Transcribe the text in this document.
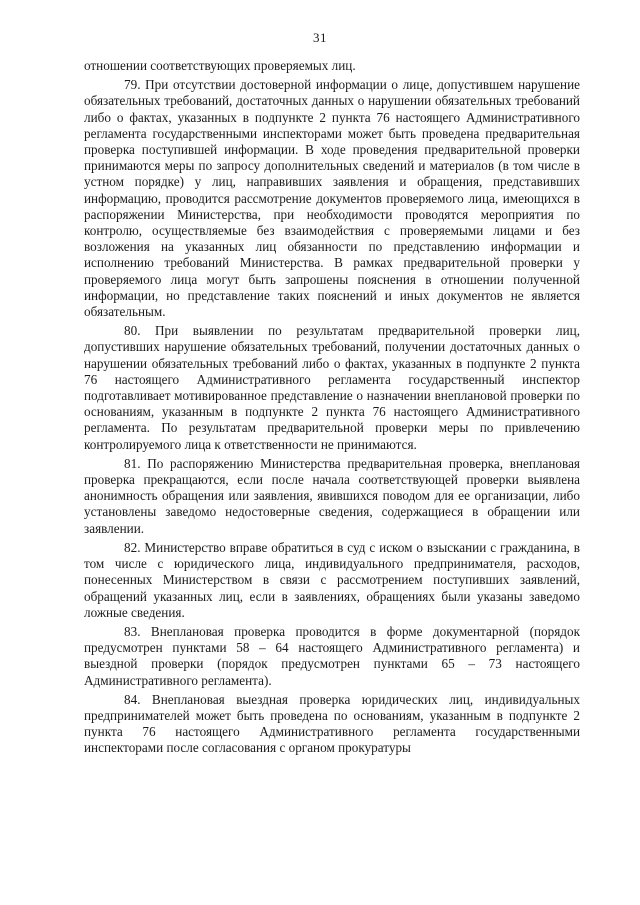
31

отношении соответствующих проверяемых лиц.

79. При отсутствии достоверной информации о лице, допустившем нарушение обязательных требований, достаточных данных о нарушении обязательных требований либо о фактах, указанных в подпункте 2 пункта 76 настоящего Административного регламента государственными инспекторами может быть проведена предварительная проверка поступившей информации. В ходе проведения предварительной проверки принимаются меры по запросу дополнительных сведений и материалов (в том числе в устном порядке) у лиц, направивших заявления и обращения, представивших информацию, проводится рассмотрение документов проверяемого лица, имеющихся в распоряжении Министерства, при необходимости проводятся мероприятия по контролю, осуществляемые без взаимодействия с проверяемыми лицами и без возложения на указанных лиц обязанности по представлению информации и исполнению требований Министерства. В рамках предварительной проверки у проверяемого лица могут быть запрошены пояснения в отношении полученной информации, но представление таких пояснений и иных документов не является обязательным.

80. При выявлении по результатам предварительной проверки лиц, допустивших нарушение обязательных требований, получении достаточных данных о нарушении обязательных требований либо о фактах, указанных в подпункте 2 пункта 76 настоящего Административного регламента государственный инспектор подготавливает мотивированное представление о назначении внеплановой проверки по основаниям, указанным в подпункте 2 пункта 76 настоящего Административного регламента. По результатам предварительной проверки меры по привлечению контролируемого лица к ответственности не принимаются.

81. По распоряжению Министерства предварительная проверка, внеплановая проверка прекращаются, если после начала соответствующей проверки выявлена анонимность обращения или заявления, явившихся поводом для ее организации, либо установлены заведомо недостоверные сведения, содержащиеся в обращении или заявлении.

82. Министерство вправе обратиться в суд с иском о взыскании с гражданина, в том числе с юридического лица, индивидуального предпринимателя, расходов, понесенных Министерством в связи с рассмотрением поступивших заявлений, обращений указанных лиц, если в заявлениях, обращениях были указаны заведомо ложные сведения.

83. Внеплановая проверка проводится в форме документарной (порядок предусмотрен пунктами 58 – 64 настоящего Административного регламента) и выездной проверки (порядок предусмотрен пунктами 65 – 73 настоящего Административного регламента).

84. Внеплановая выездная проверка юридических лиц, индивидуальных предпринимателей может быть проведена по основаниям, указанным в подпункте 2 пункта 76 настоящего Административного регламента государственными инспекторами после согласования с органом прокуратуры
